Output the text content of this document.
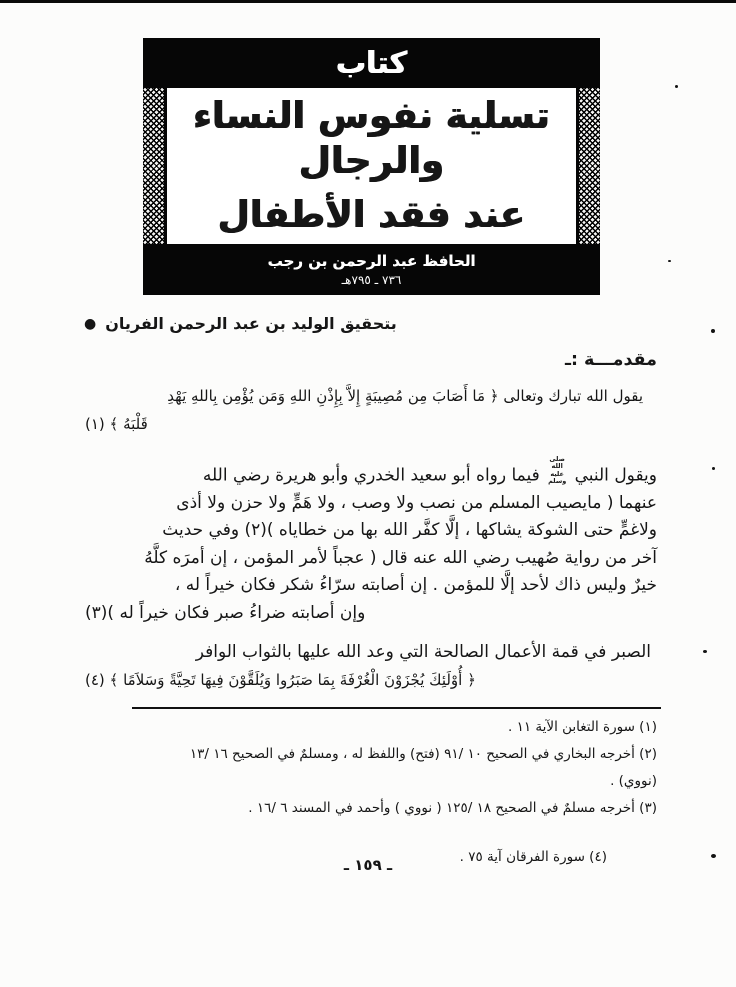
كتاب
تسلية نفوس النساء والرجال
عند فقد الأطفال
الحافظ عبد الرحمن بن رجب
٧٣٦ ـ ٧٩٥هـ
● بتحقيق الوليد بن عبد الرحمن الفريان
مقدمـــة :ـ
يقول الله تبارك وتعالى ﴿ مَا أَصَابَ مِن مُصِيبَةٍ إِلاَّ بِإِذْنِ اللهِ وَمَن يُؤْمِن بِاللهِ يَهْدِ
قَلْبَهُ ﴾ (١)
ويقول النبي صلى الله عليه وسلم فيما رواه أبو سعيد الخدري وأبو هريرة رضي الله
عنهما ( مايصيب المسلم من نصب ولا وصب ، ولا هَمٍّ ولا حزن ولا أذى
ولاغمٍّ حتى الشوكة يشاكها ، إلَّا كفَّر الله بها من خطاياه )(٢) وفي حديث
آخر من رواية صُهيب رضي الله عنه قال ( عجباً لأمر المؤمن ، إن أمرَه كلَّهُ
خيرٌ وليس ذاك لأحد إلَّا للمؤمن . إن أصابته سرّاءُ شكر فكان خيراً له ،
وإن أصابته ضراءُ صبر فكان خيراً له )(٣)
الصبر في قمة الأعمال الصالحة التي وعد الله عليها بالثواب الوافر
﴿ أُوْلَئِكَ يُجْزَوْنَ الْغُرْفَةَ بِمَا صَبَرُوا وَيُلَقَّوْنَ فِيهَا تَحِيَّةً وَسَلاَمًا ﴾ (٤)
(١) سورة التغابن الآية ١١ .
(٢) أخرجه البخاري في الصحيح ١٠ /٩١ (فتح) واللفظ له ، ومسلمٌ في الصحيح ١٦ /١٣
(نووي) .
(٣) أخرجه مسلمٌ في الصحيح ١٨ /١٢٥ ( نووي ) وأحمد في المسند ٦ /١٦ .
(٤) سورة الفرقان آية ٧٥ .
ـ ١٥٩ ـ
